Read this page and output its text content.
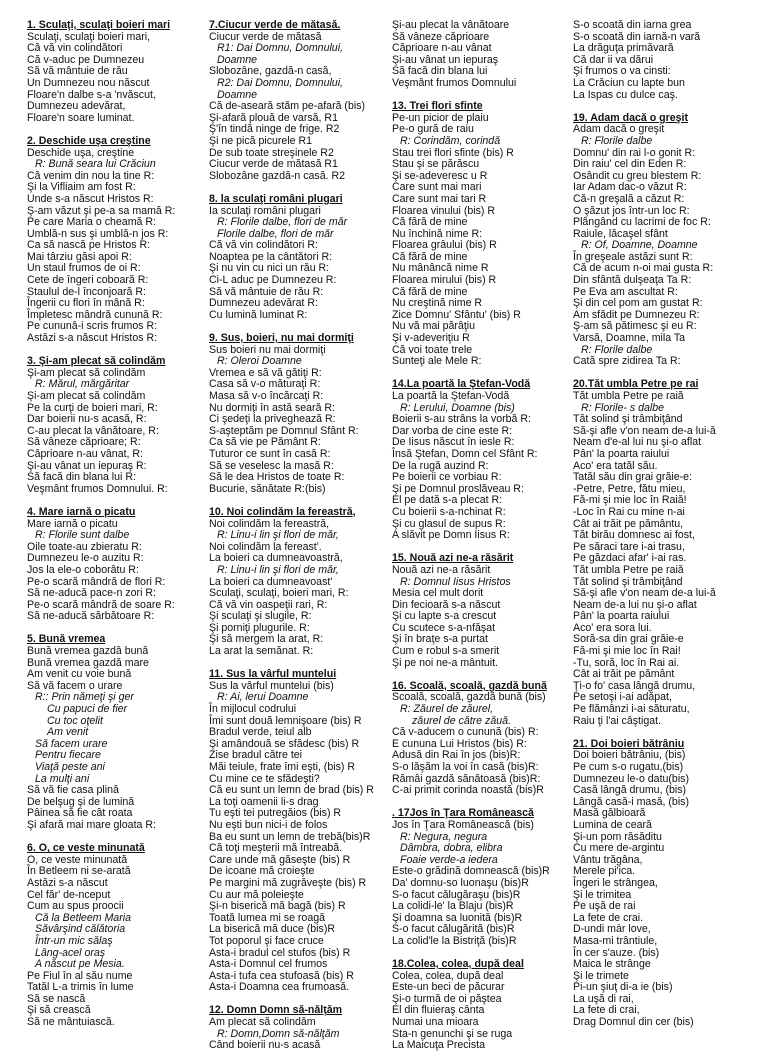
1. Sculaţi, sculaţi boieri mari
Sculaţi, sculaţi boieri mari,
Că vă vin colindători
Că v-aduc pe Dumnezeu
Să vă mântuie de rău
Un Dumnezeu nou născut
Floare'n dalbe s-a 'nvăscut,
Dumnezeu adevărat,
Floare'n soare luminat.
2. Deschide uşa creştine
Deschide uşa, creştine
R: Bună seara lui Crăciun
Că venim din nou la tine R:
Şi la Vifliaim am fost R:
Unde s-a născut Hristos R:
Ş-am văzut şi pe-a sa mamă R:
Pe care Maria o cheamă R:
Umblă-n sus şi umblă-n jos R:
Ca să nască pe Hristos R:
Mai târziu găsi apoi R:
Un staul frumos de oi R:
Cete de îngeri coboară R:
Staulul de-l înconjoară R:
Îngerii cu flori în mână R:
Împletesc mândră cunună R:
Pe cununâ-i scris frumos R:
Astăzi s-a născut Hristos R:
3. Şi-am plecat să colindăm
Şi-am plecat să colindăm
R: Mărul, mărgăritar
Şi-am plecat să colindăm
Pe la curţi de boieri mari, R:
Dar boierii nu-s acasă, R:
C-au plecat la vânătoare, R:
Să vâneze căprioare; R:
Căprioare n-au vânat, R:
Şi-au vânat un iepuraş R:
Să facă din blana lui R:
Veşmânt frumos Domnului. R:
4. Mare iarnă o picatu
Mare iarnă o picatu
R: Florile sunt dalbe
Oile toate-au zbieratu R:
Dumnezeu le-o auzitu R:
Jos la ele-o coborâtu R:
Pe-o scară mândră de flori R:
Să ne-aducă pace-n zori R:
Pe-o scară mândră de soare R:
Să ne-aducă sărbătoare R:
5. Bună vremea
Bună vremea gazdă bună
Bună vremea gazdă mare
Am venit cu voie bună
Să vă facem o urare
R:: Prin nămeţi şi ger
Cu papuci de fier
Cu toc oţelit
Am venit
Să facem urare
Pentru fiecare
Viaţă peste ani
La mulţi ani
Să vă fie casa plină
De belşug şi de lumină
Pâinea să fie cât roata
Şi afară mai mare gloata R:
6. O, ce veste minunată
O, ce veste minunată
În Betleem ni se-arată
Astăzi s-a născut
Cel făr' de-nceput
Cum au spus proocii
Că la Betleem Maria
Săvârşind călătoria
Într-un mic sălaş
Lâng-acel oraş
A născut pe Mesia.
Pe Fiul în al său nume
Tatăl L-a trimis în lume
Să se nască
Şi să crească
Să ne mântuiască.
7.Ciucur verde de mătasă.
Ciucur verde de mătasă
R1: Dai Domnu, Domnului,
Doamne
Slobozâne, gazdă-n casă,
R2: Dai Domnu, Domnului,
Doamne
Că de-aseară stăm pe-afară (bis)
Şi-afară plouă de varsă, R1
Ş'în tindă ninge de frige. R2
Şi ne pică picurele R1
De sub toate streşinele R2
Ciucur verde de mătasă R1
Slobozâne gazdă-n casă. R2
8. la sculaţi români plugari
Ia sculaţi români plugari
R: Florile dalbe, flori de măr
Florile dalbe, flori de măr
Că vă vin colindători R:
Noaptea pe la cântători R:
Şi nu vin cu nici un rău R:
Ci-L aduc pe Dumnezeu R:
Să vă mântuie de rău R:
Dumnezeu adevărat R:
Cu lumină luminat R:
9. Sus, boieri, nu mai dormiţi
Sus boieri nu mai dormiţi
R: Oleroi Doamne
Vremea e să vă gătiţi R:
Casa să v-o măturaţi R:
Masa să v-o încărcaţi R:
Nu dormiţi în astă seară R:
Ci şedeţi la priveghează R:
S-aşteptăm pe Domnul Sfânt R:
Ca să vie pe Pământ R:
Tuturor ce sunt în casă R:
Să se veselesc la masă R:
Să le dea Hristos de toate R:
Bucurie, sănătate R:(bis)
10. Noi colindăm la fereastră,
Noi colindăm la fereastră,
R: Linu-i lin şi flori de măr,
Noi colindăm la fereast'.
La boieri ca dumneavoastră,
R: Linu-i lin şi flori de măr,
La boieri ca dumneavoast'
Sculaţi, sculaţi, boieri mari, R:
Că vă vin oaspeţii rari, R:
Şi sculaţi şi slugile, R:
Şi porniţi plugurile. R:
Şi să mergem la arat, R:
La arat la semănat. R:
11. Sus la vârful muntelui
Sus la vârful muntelui (bis)
R: Ai, lerui Doamne
În mijlocul codrului
Îmi sunt două lemnişoare (bis) R
Bradul verde, teiul alb
Şi amândouă se sfădesc (bis) R
Zise bradul către tei
Măi teiule, frate îmi eşti, (bis) R
Cu mine ce te sfădeşti?
Că eu sunt un lemn de brad (bis) R
La toţi oamenii li-s drag
Tu eşti tei putregăios (bis) R
Nu eşti bun nici-i de folos
Ba eu sunt un lemn de trebă(bis)R
Că toţi meşterii mă întreabă.
Care unde mă găseşte (bis) R
De icoane mă croieşte
Pe margini mă zugrăveşte (bis) R
Cu aur mă poleieşte
Şi-n biserică mă bagă (bis) R
Toată lumea mi se roagă
La biserică mă duce (bis)R
Tot poporul şi face cruce
Asta-i bradul cel stufos (bis) R
Asta-i Domnul cel frumos
Asta-i tufa cea stufoasă (bis) R
Asta-i Doamna cea frumoasă.
12. Domn Domn să-nălţăm
Am plecat să colindăm
R: Domn,Domn să-nălţăm
Când boierii nu-s acasă
Şi-au plecat la vânătoare
Să vâneze căprioare
Căprioare n-au vânat
Şi-au vânat un iepuraş
Să facă din blana lui
Veşmânt frumos Domnului
13. Trei flori sfinte
Pe-un picior de plaiu
Pe-o gură de raiu
R: Corindăm, corindă
Stau trei flori sfinte (bis) R
Stau şi se părăscu
Şi se-adeveresc u R
Care sunt mai mari
Care sunt mai tari R
Floarea vinului (bis) R
Că fără de mine
Nu închină nime R:
Floarea grâului (bis) R
Că fără de mine
Nu mânâncă nime R
Floarea mirului (bis) R
Că fără de mine
Nu creştină nime R
Zice Domnu' Sfântu' (bis) R
Nu vă mai părâţiu
Şi v-adeveriţiu R
Că voi toate trele
Sunteţi ale Mele R:
14.La poartă la Ştefan-Vodă
La poartă la Ştefan-Vodă
R: Lerului, Doamne (bis)
Boierii s-au strâns la vorbă R:
Dar vorba de cine este R:
De Iisus născut în iesle R:
Însă Ştefan, Domn cel Sfânt R:
De la rugă auzind R:
Pe boierii ce vorbiau R:
Şi pe Domnul proslăveau R:
El pe dată s-a plecat R:
Cu boierii s-a-nchinat R:
Şi cu glasul de supus R:
A slăvit pe Domn Iisus R:
15. Nouă azi ne-a răsărit
Nouă azi ne-a răsărit
R: Domnul Iisus Hristos
Mesia cel mult dorit
Din fecioară s-a născut
Şi cu lapte s-a crescut
Cu scutece s-a-nfăşat
Şi în braţe s-a purtat
Cum e robul s-a smerit
Şi pe noi ne-a mântuit.
16. Scoală, scoală, gazdă bună
Scoală, scoală, gazdă bună (bis)
R: Zăurel de zăurel,
zăurel de către zăuă.
Că v-aducem o cunună (bis) R:
E cununa Lui Hristos (bis) R:
Adusă din Rai în jos (bis)R:
S-o lăşăm la voi în casă (bis)R:
Rămâi gazdă sănătoasă (bis)R:
C-ai primit corinda noastă (bis)R
. 17Jos în Ţara Românească
Jos în Ţara Românească (bis)
R: Negura, negura
Dâmbra, dobra, elibra
Foaie verde-a iedera
Este-o grădină domnească (bis)R
Da' domnu-so luonaşu (bis)R
S-o facut călugăraşu (bis)R
La colidi-le' la Blaju (bis)R
Şi doamna sa luonită (bis)R
S-o facut călugărită (bis)R
La colid'le la Bistriţă (bis)R
18.Colea, colea, după deal
Colea, colea, după deal
Este-un beci de păcurar
Şi-o turmă de oi păştea
El din fluieraş cânta
Numai una mioara
Sta-n genunchi şi se ruga
La Maicuţa Precista
S-o scoată din iarna grea
S-o scoată din iarnă-n vară
La drăguţa primăvară
Că dar ii va dărui
Şi frumos o va cinsti:
La Crăciun cu lapte bun
La Ispas cu dulce caş.
19. Adam dacă o greşit
Adam dacă o greşit
R: Florile dalbe
Domnu' din rai l-o gonit R:
Din raiu' cel din Eden R:
Osândit cu greu blestem R:
Iar Adam dac-o văzut R:
Că-n greşală a căzut R:
O şăzut jos într-un loc R:
Plângând cu lacrimi de foc R:
Raiule, lăcaşel sfânt
R: Of, Doamne, Doamne
În greşeale astăzi sunt R:
Că de acum n-oi mai gusta R:
Din sfântă dulşeaţa Ta R:
Pe Eva am ascultat R:
Şi din cel pom am gustat R:
Am sfădit pe Dumnezeu R:
Ş-am să pătimesc şi eu R:
Varsă, Doamne, mila Ta
R: Florile dalbe
Cată spre zidirea Ta R:
20.Tăt umbla Petre pe rai
Tăt umbla Petre pe raiă
R: Florile- s dalbe
Tăt solind şi trâmbiţând
Să-şi afle v'on neam de-a lui-ă
Neam d'e-al lui nu şi-o aflat
Pân' la poarta raiului
Aco' era tatăl său.
Tatăl său din grai grăie-e:
-Petre, Petre, fătu mieu,
Fă-mi şi mie loc în Raiă!
-Loc în Rai cu mine n-ai
Cât ai trăit pe pământu,
Tăt birău domnesc ai fost,
Pe săraci tare i-ai trasu,
Pe găzdaci afar' i-ai ras.
Tăt umbla Petre pe raiă
Tăt solind şi trâmbiţând
Să-şi afle v'on neam de-a lui-ă
Neam de-a lui nu şi-o aflat
Pân' la poarta raiului
Aco' era sora lui.
Soră-sa din grai grăie-e
Fă-mi şi mie loc în Rai!
-Tu, soră, loc în Rai ai.
Cât ai trăit pe pământ
Ţi-o fo' casa lângă drumu,
Pe setoşi i-ai adăpat,
Pe flămânzi i-ai săturatu,
Raiu ţi l'ai câştigat.
21. Doi boieri bătrâniu
Doi boieri bătrâniu, (bis)
Pe cum s-o rugatu,(bis)
Dumnezeu le-o datu(bis)
Casă lângă drumu, (bis)
Lângă casă-i masă, (bis)
Masă gălbioară
Lumina de ceară
Şi-un pom răsăditu
Cu mere de-argintu
Vântu trăgâna,
Merele pi'ica.
Îngeri le strângea,
Şi le trimitea
Pe uşă de rai
La fete de crai.
D-undi mār love,
Masa-mi trântiule,
În cer s'auze. (bis)
Maica le strânge
Şi le trimete
Pi-un şiuţ di-a ie (bis)
La uşă di rai,
La fete di crai,
Drag Domnul din cer (bis)
